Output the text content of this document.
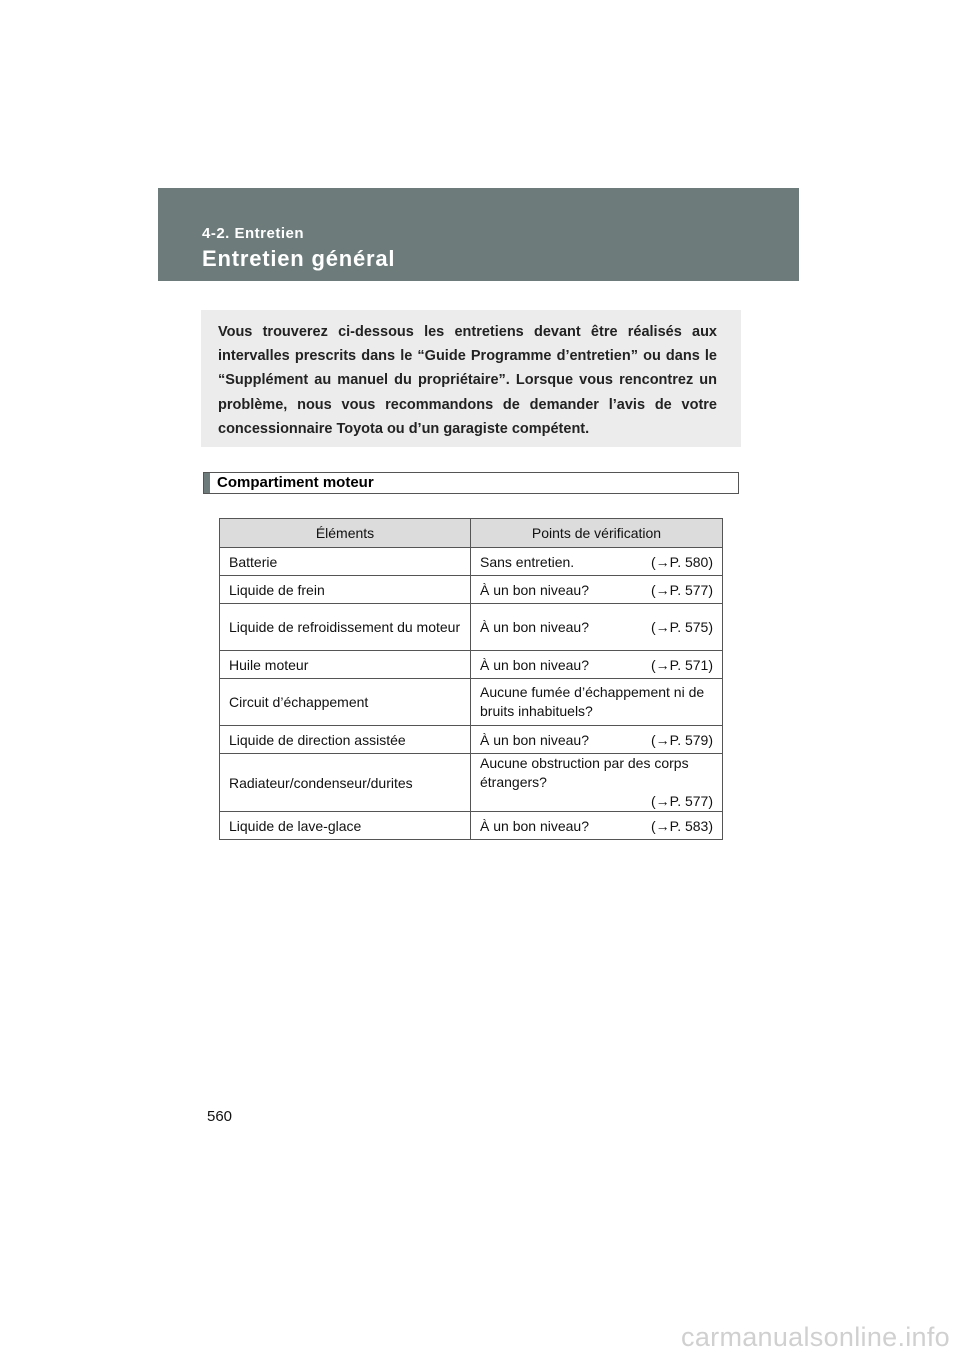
4-2. Entretien
Entretien général
Vous trouverez ci-dessous les entretiens devant être réalisés aux intervalles prescrits dans le “Guide Programme d’entretien” ou dans le “Supplément au manuel du propriétaire”. Lorsque vous rencontrez un problème, nous vous recommandons de demander l’avis de votre concessionnaire Toyota ou d’un garagiste compétent.
Compartiment moteur
Éléments	Points de vérification
Batterie	Sans entretien. (→P. 580)

Liquide de frein	À un bon niveau? (→P. 577)

Liquide de refroidissement du moteur	À un bon niveau? (→P. 575)

Huile moteur	À un bon niveau? (→P. 571)

Circuit d’échappement	Aucune fumée d’échappement ni de bruits inhabituels?
Liquide de direction assistée	À un bon niveau? (→P. 579)

Radiateur/condenseur/durites	Aucune obstruction par des corps étrangers?
(→P. 577)

Liquide de lave-glace	À un bon niveau? (→P. 583)
560
carmanualsonline.info
